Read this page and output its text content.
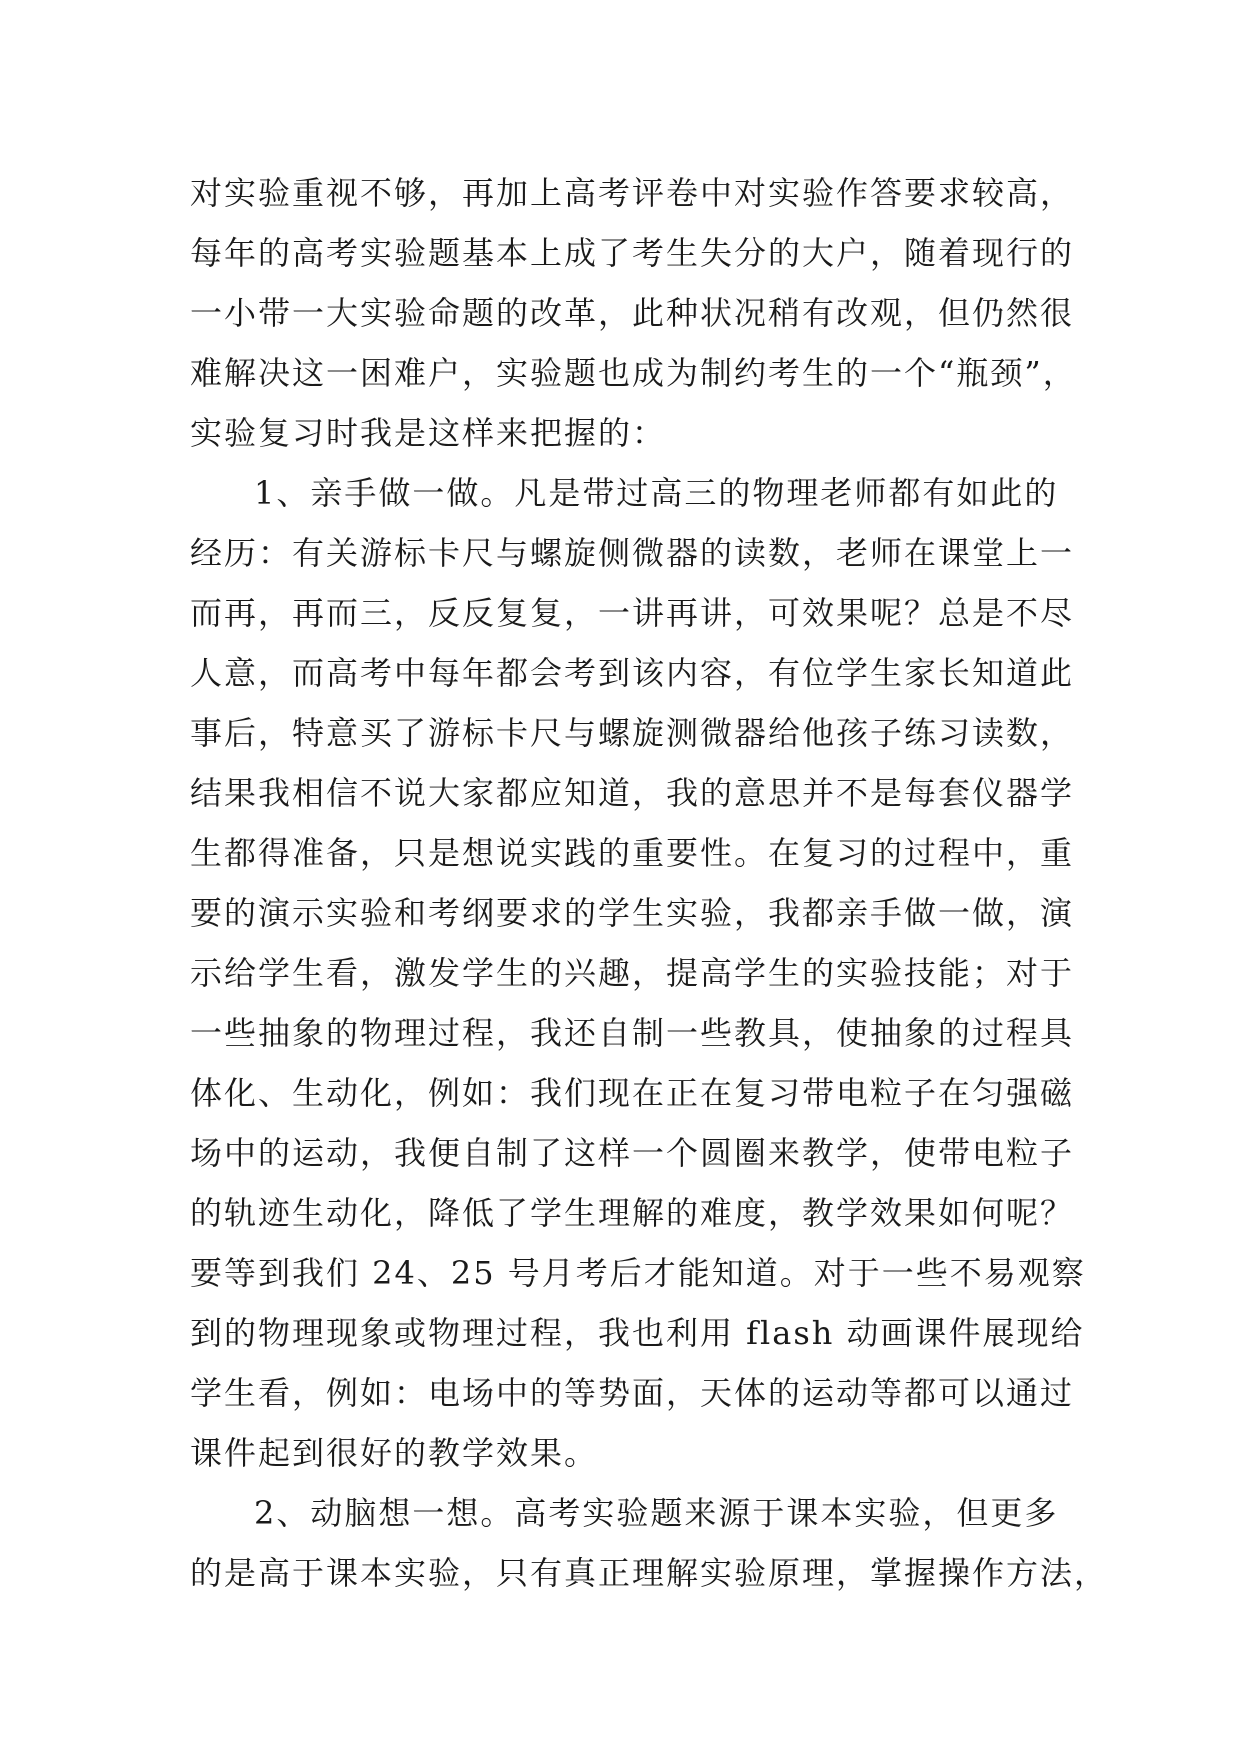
对实验重视不够，再加上高考评卷中对实验作答要求较高，
每年的高考实验题基本上成了考生失分的大户，随着现行的
一小带一大实验命题的改革，此种状况稍有改观，但仍然很
难解决这一困难户，实验题也成为制约考生的一个“瓶颈”，
实验复习时我是这样来把握的：
1、亲手做一做。凡是带过高三的物理老师都有如此的
经历：有关游标卡尺与螺旋侧微器的读数，老师在课堂上一
而再，再而三，反反复复，一讲再讲，可效果呢？总是不尽
人意，而高考中每年都会考到该内容，有位学生家长知道此
事后，特意买了游标卡尺与螺旋测微器给他孩子练习读数，
结果我相信不说大家都应知道，我的意思并不是每套仪器学
生都得准备，只是想说实践的重要性。在复习的过程中，重
要的演示实验和考纲要求的学生实验，我都亲手做一做，演
示给学生看，激发学生的兴趣，提高学生的实验技能；对于
一些抽象的物理过程，我还自制一些教具，使抽象的过程具
体化、生动化，例如：我们现在正在复习带电粒子在匀强磁
场中的运动，我便自制了这样一个圆圈来教学，使带电粒子
的轨迹生动化，降低了学生理解的难度，教学效果如何呢？
要等到我们 24、25 号月考后才能知道。对于一些不易观察
到的物理现象或物理过程，我也利用 flash 动画课件展现给
学生看，例如：电场中的等势面，天体的运动等都可以通过
课件起到很好的教学效果。
2、动脑想一想。高考实验题来源于课本实验，但更多
的是高于课本实验，只有真正理解实验原理，掌握操作方法，
